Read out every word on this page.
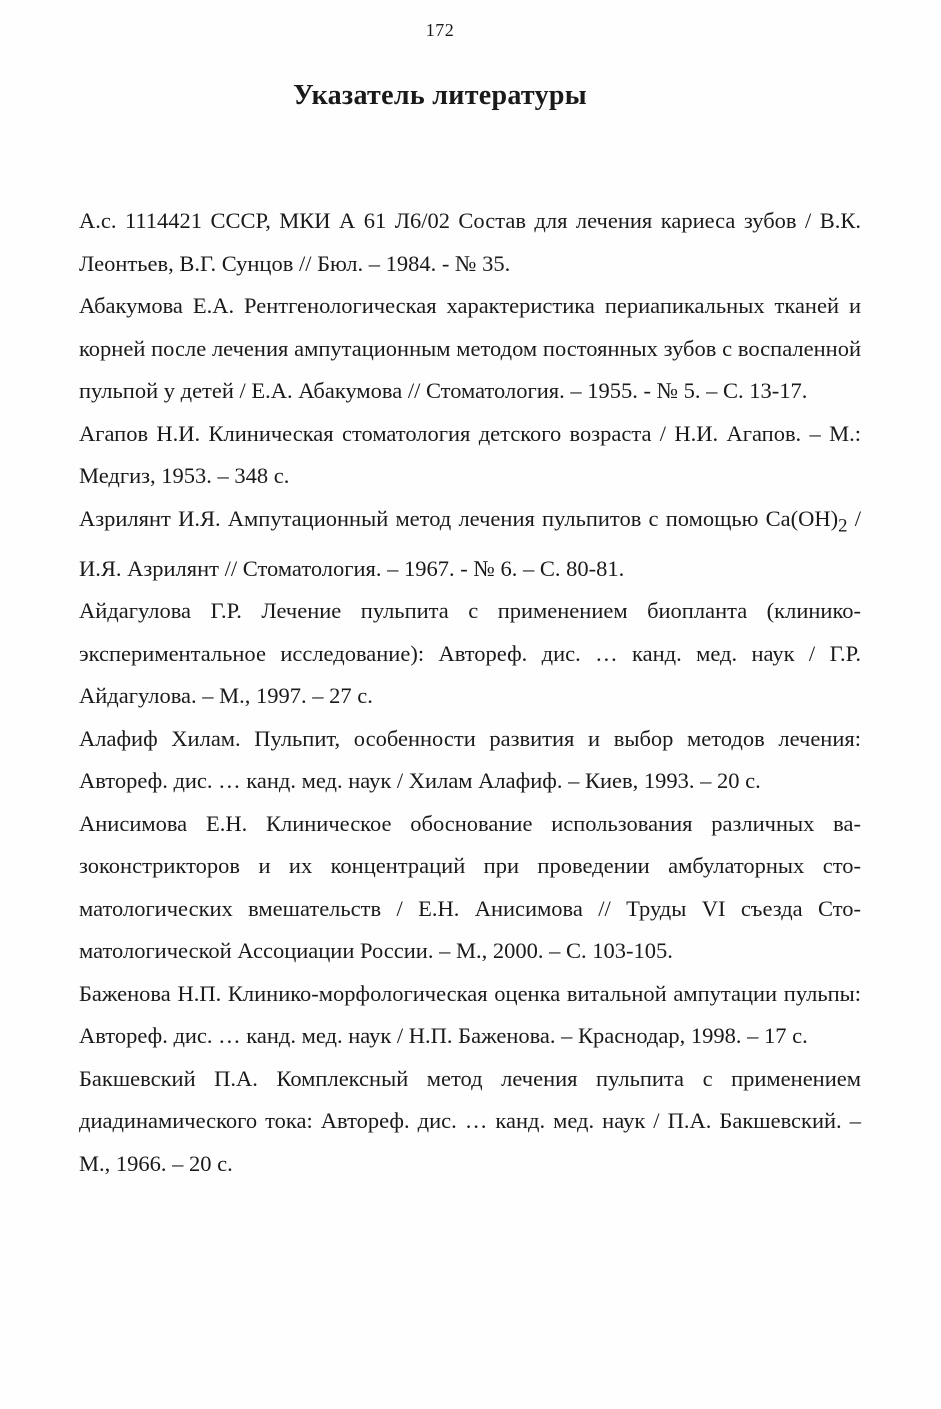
172
Указатель литературы
А.с. 1114421 СССР, МКИ А 61 Л6/02 Состав для лечения кариеса зубов / В.К. Леонтьев, В.Г. Сунцов // Бюл. – 1984. - № 35.
Абакумова Е.А. Рентгенологическая характеристика периапикальных тканей и корней после лечения ампутационным методом постоянных зубов с воспаленной пульпой у детей / Е.А. Абакумова // Стоматология. – 1955. - № 5. – С. 13-17.
Агапов Н.И. Клиническая стоматология детского возраста / Н.И. Агапов. – М.: Медгиз, 1953. – 348 с.
Азрилянт И.Я. Ампутационный метод лечения пульпитов с помощью $Са(ОН)_2 / И.Я$. Азрилянт // Стоматология. – 1967. - № 6. – С. 80-81.
Айдагулова Г.Р. Лечение пульпита с применением биопланта (клинико-экспериментальное исследование): Автореф. дис. … канд. мед. наук / Г.Р. Айдагулова. – М., 1997. – 27 с.
Алафиф Хилам. Пульпит, особенности развития и выбор методов лечения: Автореф. дис. … канд. мед. наук / Хилам Алафиф. – Киев, 1993. – 20 с.
Анисимова Е.Н. Клиническое обоснование использования различных вазоконстрикторов и их концентраций при проведении амбулаторных стоматологических вмешательств / Е.Н. Анисимова // Труды VI съезда Стоматологической Ассоциации России. – М., 2000. – С. 103-105.
Баженова Н.П. Клинико-морфологическая оценка витальной ампутации пульпы: Автореф. дис. … канд. мед. наук / Н.П. Баженова. – Краснодар, 1998. – 17 с.
Бакшевский П.А. Комплексный метод лечения пульпита с применением диадинамического тока: Автореф. дис. … канд. мед. наук / П.А. Бакшевский. – М., 1966. – 20 с.
